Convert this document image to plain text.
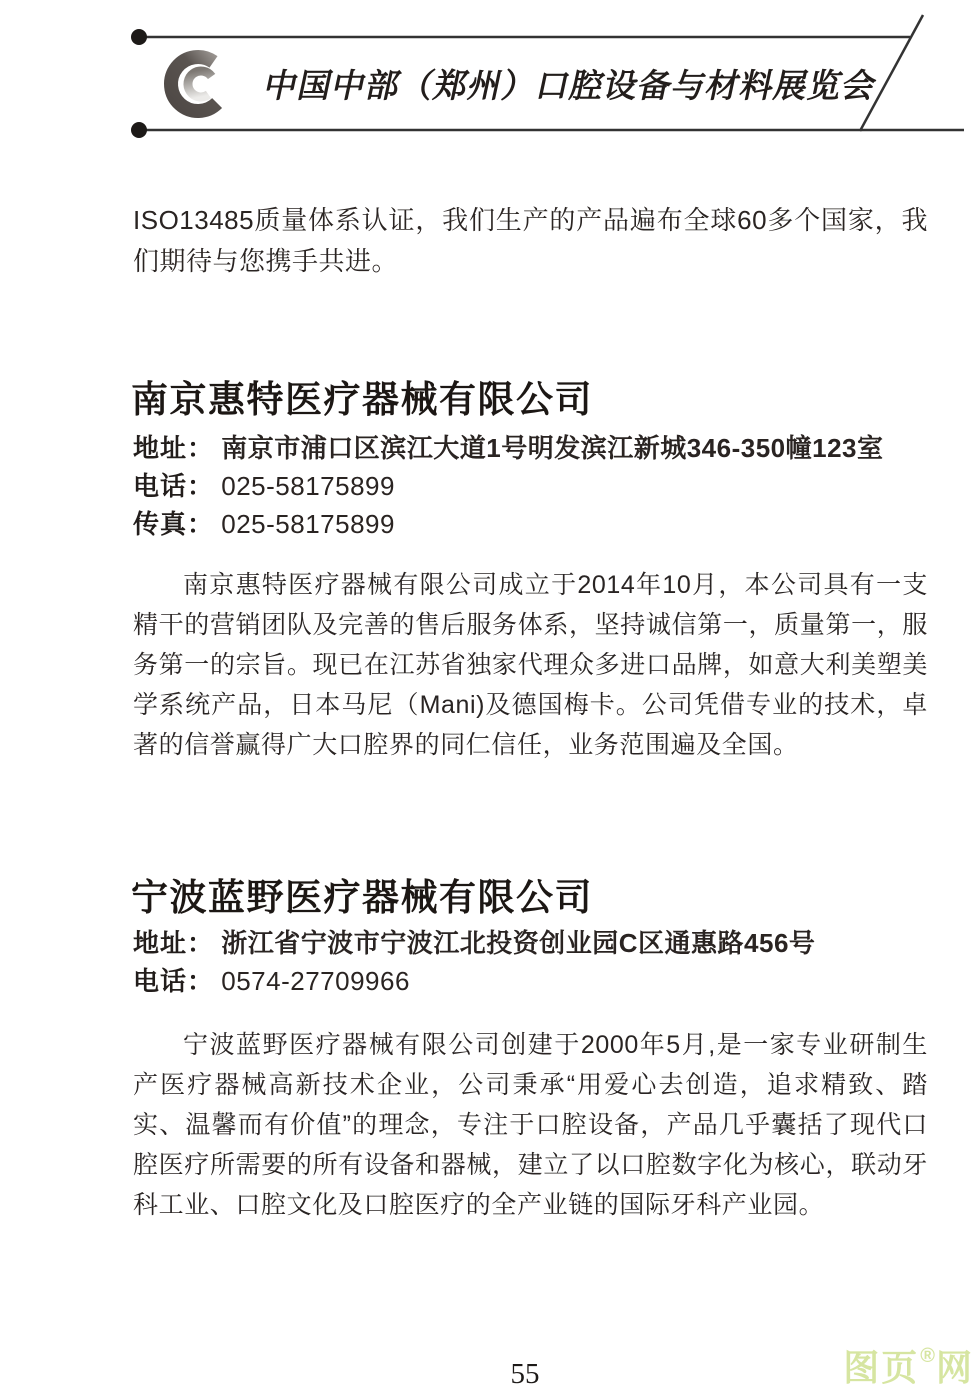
中国中部（郑州）口腔设备与材料展览会

ISO13485质量体系认证，我们生产的产品遍布全球60多个国家，我们期待与您携手共进。

南京惠特医疗器械有限公司
地址： 南京市浦口区滨江大道1号明发滨江新城346-350幢123室
电话： 025-58175899
传真： 025-58175899

南京惠特医疗器械有限公司成立于2014年10月，本公司具有一支精干的营销团队及完善的售后服务体系，坚持诚信第一，质量第一，服务第一的宗旨。现已在江苏省独家代理众多进口品牌，如意大利美塑美学系统产品，日本马尼（Mani)及德国梅卡。公司凭借专业的技术，卓著的信誉赢得广大口腔界的同仁信任，业务范围遍及全国。

宁波蓝野医疗器械有限公司
地址： 浙江省宁波市宁波江北投资创业园C区通惠路456号
电话： 0574-27709966

宁波蓝野医疗器械有限公司创建于2000年5月,是一家专业研制生产医疗器械高新技术企业，公司秉承“用爱心去创造，追求精致、踏实、温馨而有价值”的理念，专注于口腔设备，产品几乎囊括了现代口腔医疗所需要的所有设备和器械，建立了以口腔数字化为核心，联动牙科工业、口腔文化及口腔医疗的全产业链的国际牙科产业园。

55	图页®网
